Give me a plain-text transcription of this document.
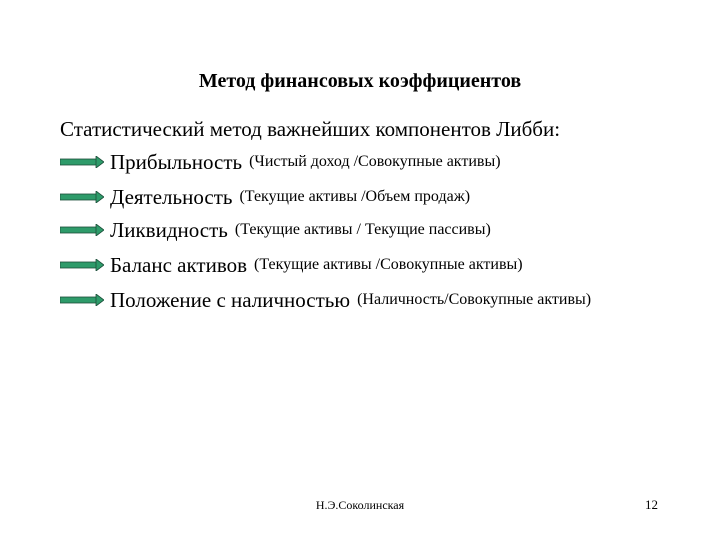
Метод финансовых коэффициентов
Статистический метод важнейших компонентов Либби:
Прибыльность (Чистый доход /Совокупные активы)
Деятельность (Текущие активы /Объем продаж)
Ликвидность (Текущие активы / Текущие пассивы)
Баланс активов (Текущие активы /Совокупные активы)
Положение с наличностью (Наличность/Совокупные активы)
Н.Э.Соколинская	12
